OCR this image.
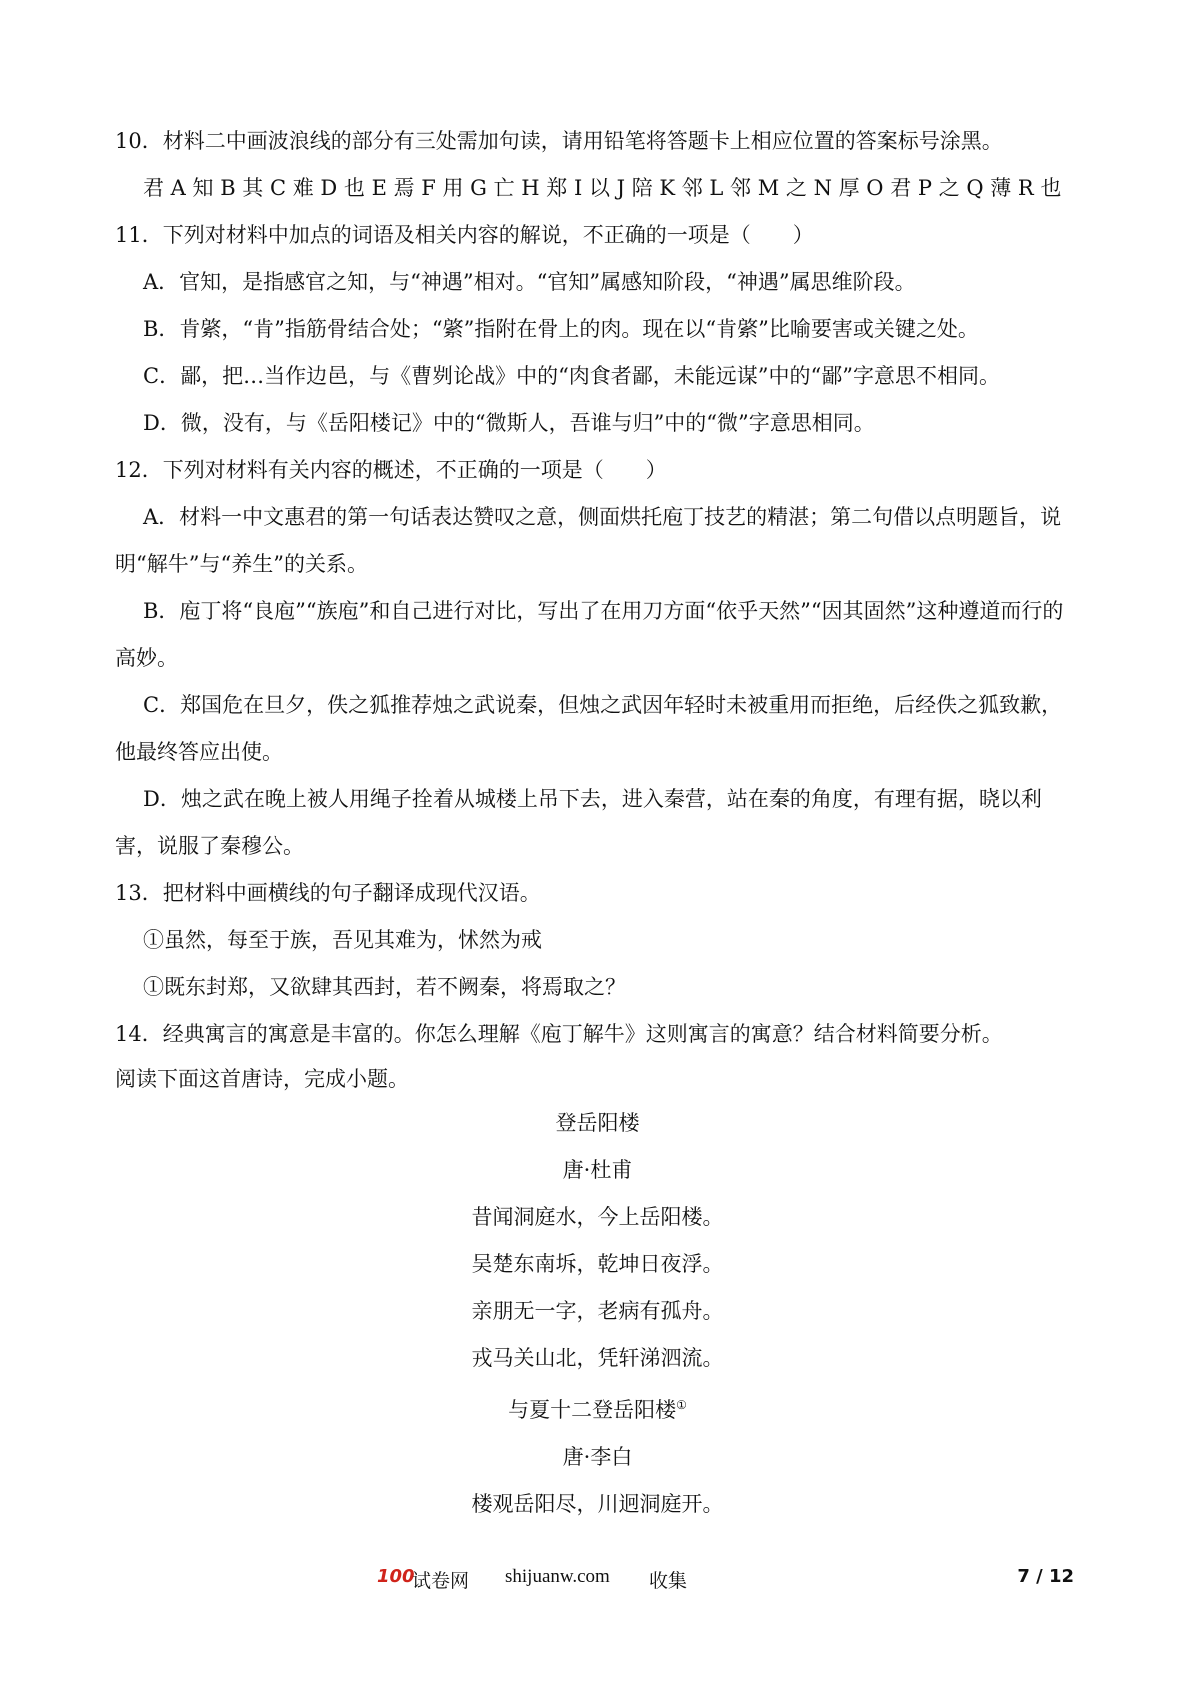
10．材料二中画波浪线的部分有三处需加句读，请用铅笔将答题卡上相应位置的答案标号涂黑。
君 A 知 B 其 C 难 D 也 E 焉 F 用 G 亡 H 郑 I 以 J 陪 K 邻 L 邻 M 之 N 厚 O 君 P 之 Q 薄 R 也
11．下列对材料中加点的词语及相关内容的解说，不正确的一项是（　　）
A．官知，是指感官之知，与“神遇”相对。“官知”属感知阶段，“神遇”属思维阶段。
B．肯綮，“肯”指筋骨结合处；“綮”指附在骨上的肉。现在以“肯綮”比喻要害或关键之处。
C．鄙，把…当作边邑，与《曹刿论战》中的“肉食者鄙，未能远谋”中的“鄙”字意思不相同。
D．微，没有，与《岳阳楼记》中的“微斯人，吾谁与归”中的“微”字意思相同。
12．下列对材料有关内容的概述，不正确的一项是（　　）
A．材料一中文惠君的第一句话表达赞叹之意，侧面烘托庖丁技艺的精湛；第二句借以点明题旨，说明“解牛”与“养生”的关系。
B．庖丁将“良庖”“族庖”和自己进行对比，写出了在用刀方面“依乎天然”“因其固然”这种遵道而行的高妙。
C．郑国危在旦夕，佚之狐推荐烛之武说秦，但烛之武因年轻时未被重用而拒绝，后经佚之狐致歉，他最终答应出使。
D．烛之武在晚上被人用绳子拴着从城楼上吊下去，进入秦营，站在秦的角度，有理有据，晓以利害，说服了秦穆公。
13．把材料中画横线的句子翻译成现代汉语。
①虽然，每至于族，吾见其难为，怵然为戒
①既东封郑，又欲肆其西封，若不阙秦，将焉取之？
14．经典寓言的寓意是丰富的。你怎么理解《庖丁解牛》这则寓言的寓意？结合材料简要分析。
阅读下面这首唐诗，完成小题。
登岳阳楼
唐·杜甫
昔闻洞庭水，今上岳阳楼。
吴楚东南坼，乾坤日夜浮。
亲朋无一字，老病有孤舟。
戎马关山北，凭轩涕泗流。
与夏十二登岳阳楼①
唐·李白
楼观岳阳尽，川迥洞庭开。
100
试卷网 shijuanw.com 收集	7 / 12
